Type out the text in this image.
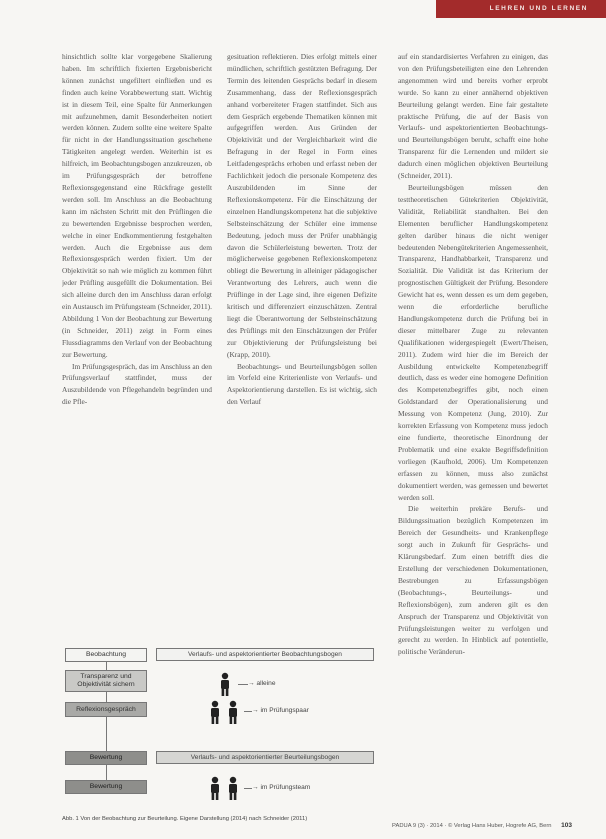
LEHREN UND LERNEN

hinsichtlich sollte klar vorgegebene Skalierung haben. Im schriftlich fixierten Ergebnisbericht können zunächst ungefiltert einfließen und es finden auch keine Vorabbewertung statt. Wichtig ist in diesem Teil, eine Spalte für Anmerkungen mit aufzunehmen, damit Besonderheiten notiert werden können. Zudem sollte eine weitere Spalte für nicht in der Handlungssituation geschehene Tätigkeiten angelegt werden. Weiterhin ist es hilfreich, im Beobachtungsbogen anzukreuzen, ob im Prüfungsgespräch der betroffene Reflexionsgegenstand eine Rückfrage gestellt werden soll. Im Anschluss an die Beobachtung kann im nächsten Schritt mit den Prüflingen die zu bewertenden Ergebnisse besprochen werden, welche in einer Endkommentierung festgehalten werden. Auch die Ergebnisse aus dem Reflexionsgespräch werden fixiert. Um der Objektivität so nah wie möglich zu kommen führt jeder Prüfling ausgefüllt die Dokumentation. Bei sich alleine durch den im Anschluss daran erfolgt ein Austausch im Prüfungsteam (Schneider, 2011). Abbildung 1 Von der Beobachtung zur Bewertung (in Schneider, 2011) zeigt in Form eines Flussdiagramms den Verlauf von der Beobachtung zur Bewertung.

Im Prüfungsgespräch, das im Anschluss an den Prüfungsverlauf stattfindet, muss der Auszubildende von Pflegehandeln begründen und die Pfle-

gesituation reflektieren. Dies erfolgt mittels einer mündlichen, schriftlich gestützten Befragung. Der Termin des leitenden Gesprächs bedarf in diesem Zusammenhang, dass der Reflexionsgespräch anhand vorbereiteter Fragen stattfindet. Sich aus dem Gespräch ergebende Thematiken können mit aufgegriffen werden. Aus Gründen der Objektivität und der Vergleichbarkeit wird die Befragung in der Regel in Form eines Leitfadengesprächs erhoben und erfasst neben der Fachlichkeit jedoch die personale Kompetenz des Auszubildenden im Sinne der Reflexionskompetenz. Für die Einschätzung der einzelnen Handlungskompetenz hat die subjektive Selbsteinschätzung der Schüler eine immense Bedeutung, jedoch muss der Prüfer unabhängig davon die Schülerleistung bewerten. Trotz der möglicherweise gegebenen Reflexionskompetenz obliegt die Bewertung in alleiniger pädagogischer Verantwortung des Lehrers, auch wenn die Prüflinge in der Lage sind, ihre eigenen Defizite kritisch und differenziert einzuschätzen. Zentral liegt die Überantwortung der Selbsteinschätzung des Prüflings mit den Einschätzungen der Prüfer zur Objektivierung der Prüfungsleistung bei (Krapp, 2010).

Beobachtungs- und Beurteilungsbögen sollen im Vorfeld eine Kriterienliste von Verlaufs- und Aspektorientierung darstellen. Es ist wichtig, sich den Verlauf

auf ein standardisiertes Verfahren zu einigen, das von den Prüfungsbeteiligten eine den Lehrenden angenommen wird und bereits vorher erprobt wurde. So kann zu einer annähernd objektiven Beurteilung gelangt werden. Eine fair gestaltete praktische Prüfung, die auf der Basis von Verlaufs- und aspektorientierten Beobachtungs- und Beurteilungsbögen beruht, schafft eine hohe Transparenz für die Lernenden und mildert sie dadurch einen möglichen objektiven Beurteilung (Schneider, 2011).

Beurteilungsbögen müssen den testtheoretischen Gütekriterien Objektivität, Validität, Reliabilität standhalten. Bei den Elementen beruflicher Handlungskompetenz gelten darüber hinaus die nicht weniger bedeutenden Nebengütekriterien Angemessenheit, Transparenz, Handhabbarkeit, Transparenz und Sozialität. Die Validität ist das Kriterium der prognostischen Gültigkeit der Prüfung. Besondere Gewicht hat es, wenn dessen es um dem gegeben, wenn die erforderliche berufliche Handlungskompetenz durch die Prüfung bei in dieser mittelbarer Zuge zu relevanten Qualifikationen widergespiegelt (Ewert/Theisen, 2011). Zudem wird hier die im Bereich der Ausbildung entwickelte Kompetenzbegriff deutlich, dass es weder eine homogene Definition des Kompetenzbegriffes gibt, noch einen Goldstandard der Operationalisierung und Messung von Kompetenz (Jung, 2010). Zur korrekten Erfassung von Kompetenz muss jedoch eine fundierte, theoretische Einordnung der Problematik und eine exakte Begriffsdefinition vorliegen (Kaufhold, 2006). Um Kompetenzen erfassen zu können, muss also zunächst dokumentiert werden, was gemessen und bewertet werden soll.

Die weiterhin prekäre Berufs- und Bildungssituation bezüglich Kompetenzen im Bereich der Gesundheits- und Krankenpflege sorgt auch in Zukunft für Gesprächs- und Klärungsbedarf. Zum einen betrifft dies die Erstellung der verschiedenen Dokumentationen, Bestrebungen zu Erfassungsbögen (Beobachtungs-, Beurteilungs- und Reflexionsbögen), zum anderen gilt es den Anspruch der Transparenz und Objektivität von Prüfungsleistungen weiter zu verfolgen und gerecht zu werden. In Hinblick auf potentielle, politische Veränderun-

Beobachtung	Verlaufs- und aspektorientierter Beobachtungsbogen
Transparenz und Objektivität sichern	→ alleine
Reflexionsgespräch	→ im Prüfungspaar
Bewertung	Verlaufs- und aspektorientierter Beurteilungsbogen
Bewertung	→ im Prüfungsteam
Abb. 1 Von der Beobachtung zur Beurteilung. Eigene Darstellung (2014) nach Schneider (2011)
PADUA 9 (3) · 2014 · © Verlag Hans Huber, Hogrefe AG, Bern 103
